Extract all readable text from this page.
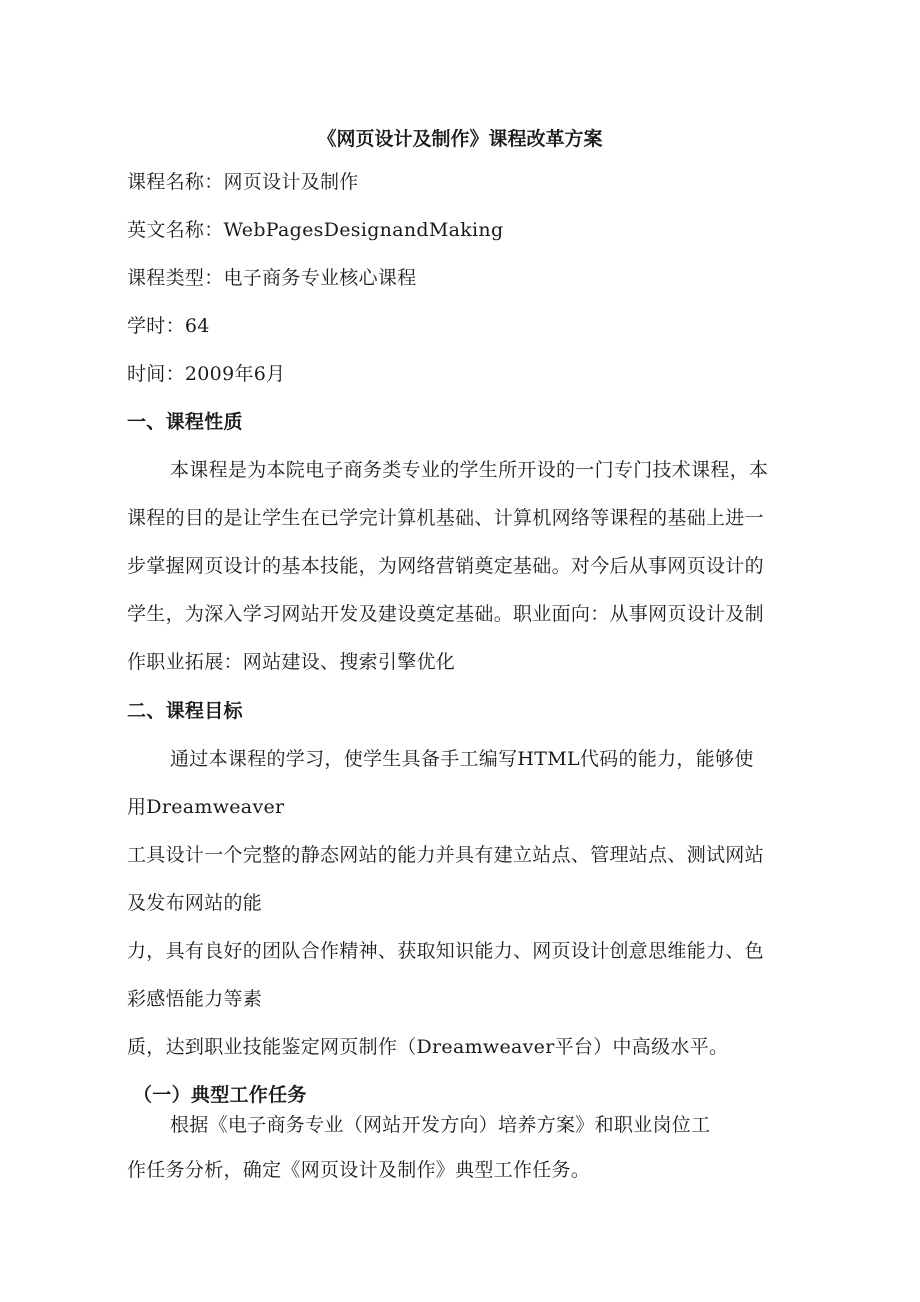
《网页设计及制作》课程改革方案
课程名称：网页设计及制作
英文名称：WebPagesDesignandMaking
课程类型：电子商务专业核心课程
学时：64
时间：2009年6月
一、课程性质
本课程是为本院电子商务类专业的学生所开设的一门专门技术课程，本
课程的目的是让学生在已学完计算机基础、计算机网络等课程的基础上进一
步掌握网页设计的基本技能，为网络营销奠定基础。对今后从事网页设计的
学生，为深入学习网站开发及建设奠定基础。职业面向：从事网页设计及制
作职业拓展：网站建设、搜索引擎优化
二、课程目标
通过本课程的学习，使学生具备手工编写HTML代码的能力，能够使
用Dreamweaver
工具设计一个完整的静态网站的能力并具有建立站点、管理站点、测试网站
及发布网站的能
力，具有良好的团队合作精神、获取知识能力、网页设计创意思维能力、色
彩感悟能力等素
质，达到职业技能鉴定网页制作（Dreamweaver平台）中高级水平。
（一）典型工作任务
根据《电子商务专业（网站开发方向）培养方案》和职业岗位工
作任务分析，确定《网页设计及制作》典型工作任务。
